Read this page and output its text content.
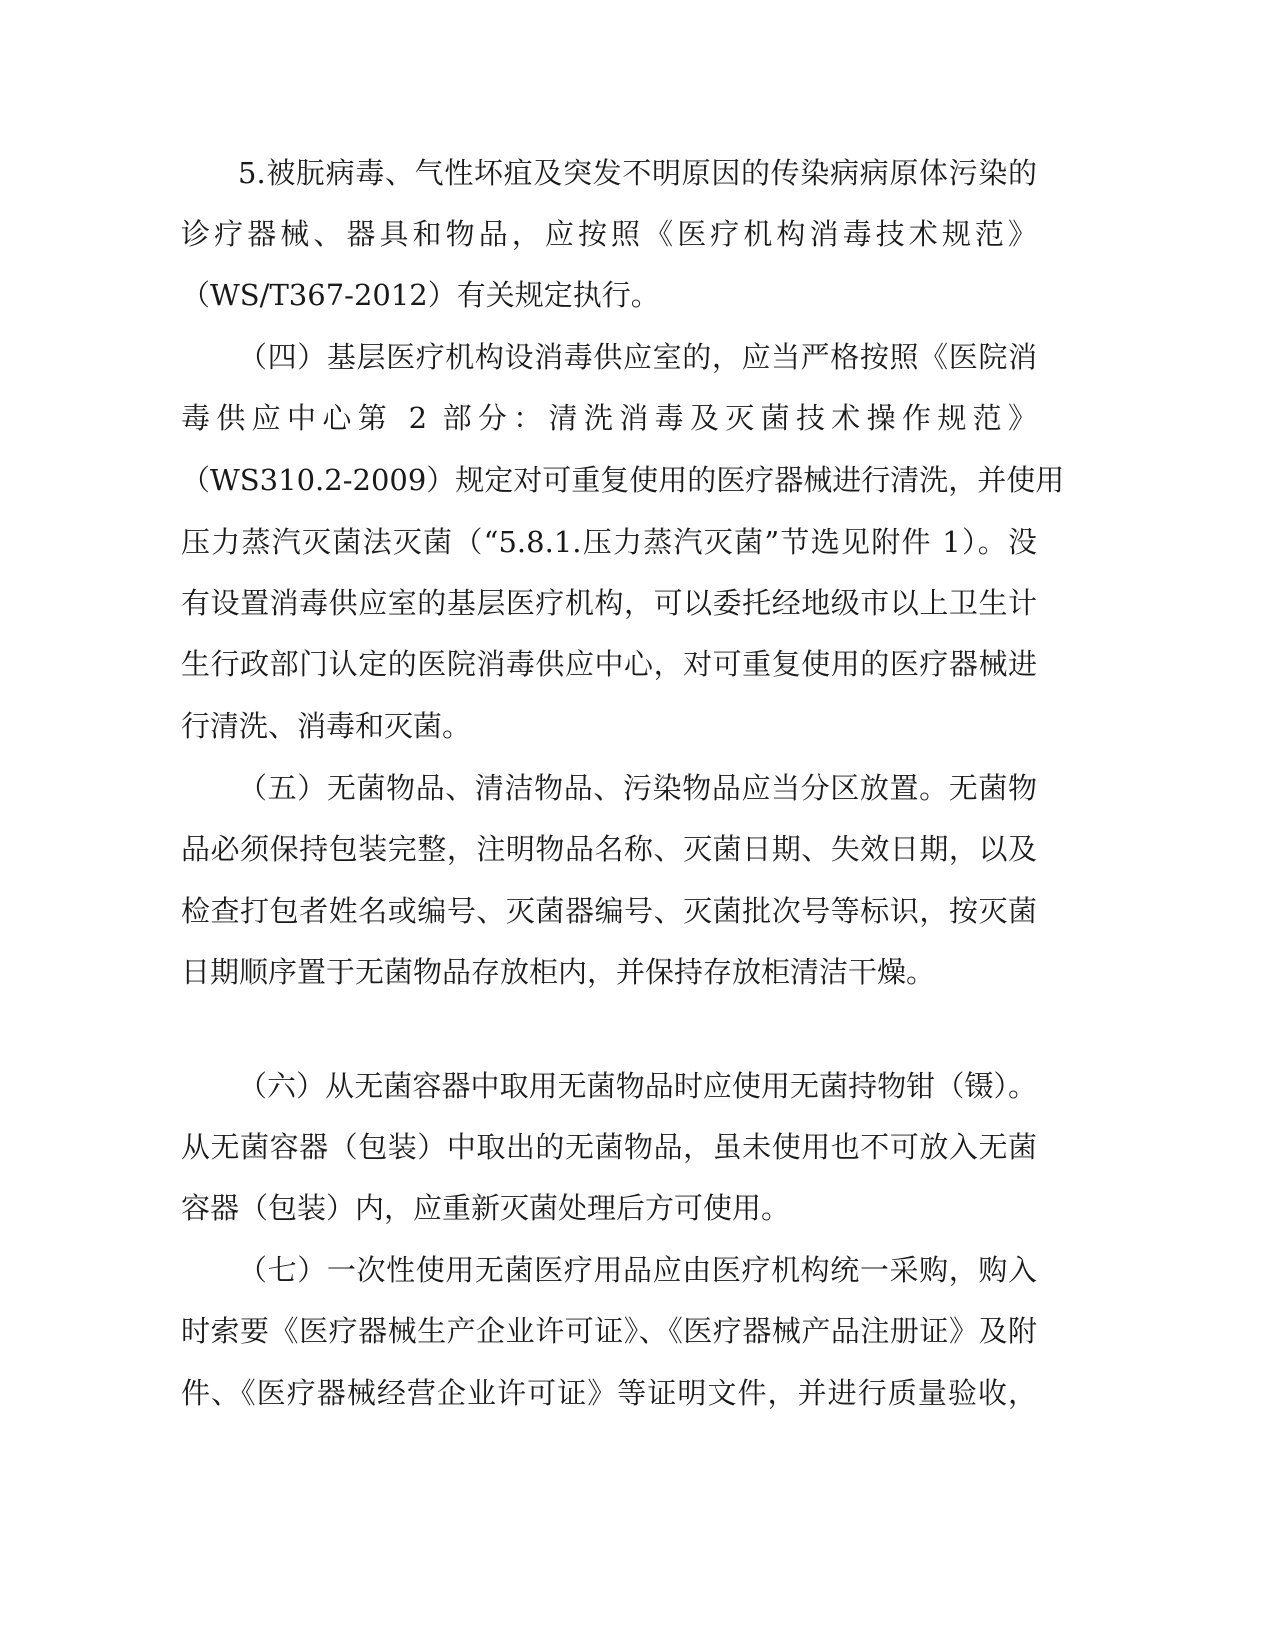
5.被朊病毒、气性坏疽及突发不明原因的传染病病原体污染的
诊疗器械、器具和物品，应按照《医疗机构消毒技术规范》
（WS/T367-2012）有关规定执行。
（四）基层医疗机构设消毒供应室的，应当严格按照《医院消
毒供应中心第 2 部分：清洗消毒及灭菌技术操作规范》
（WS310.2-2009）规定对可重复使用的医疗器械进行清洗，并使用
压力蒸汽灭菌法灭菌（“5.8.1.压力蒸汽灭菌”节选见附件 1）。没
有设置消毒供应室的基层医疗机构，可以委托经地级市以上卫生计
生行政部门认定的医院消毒供应中心，对可重复使用的医疗器械进
行清洗、消毒和灭菌。
（五）无菌物品、清洁物品、污染物品应当分区放置。无菌物
品必须保持包装完整，注明物品名称、灭菌日期、失效日期，以及
检查打包者姓名或编号、灭菌器编号、灭菌批次号等标识，按灭菌
日期顺序置于无菌物品存放柜内，并保持存放柜清洁干燥。
（六）从无菌容器中取用无菌物品时应使用无菌持物钳（镊）。
从无菌容器（包装）中取出的无菌物品，虽未使用也不可放入无菌
容器（包装）内，应重新灭菌处理后方可使用。
（七）一次性使用无菌医疗用品应由医疗机构统一采购，购入
时索要《医疗器械生产企业许可证》、《医疗器械产品注册证》及附
件、《医疗器械经营企业许可证》等证明文件，并进行质量验收，
